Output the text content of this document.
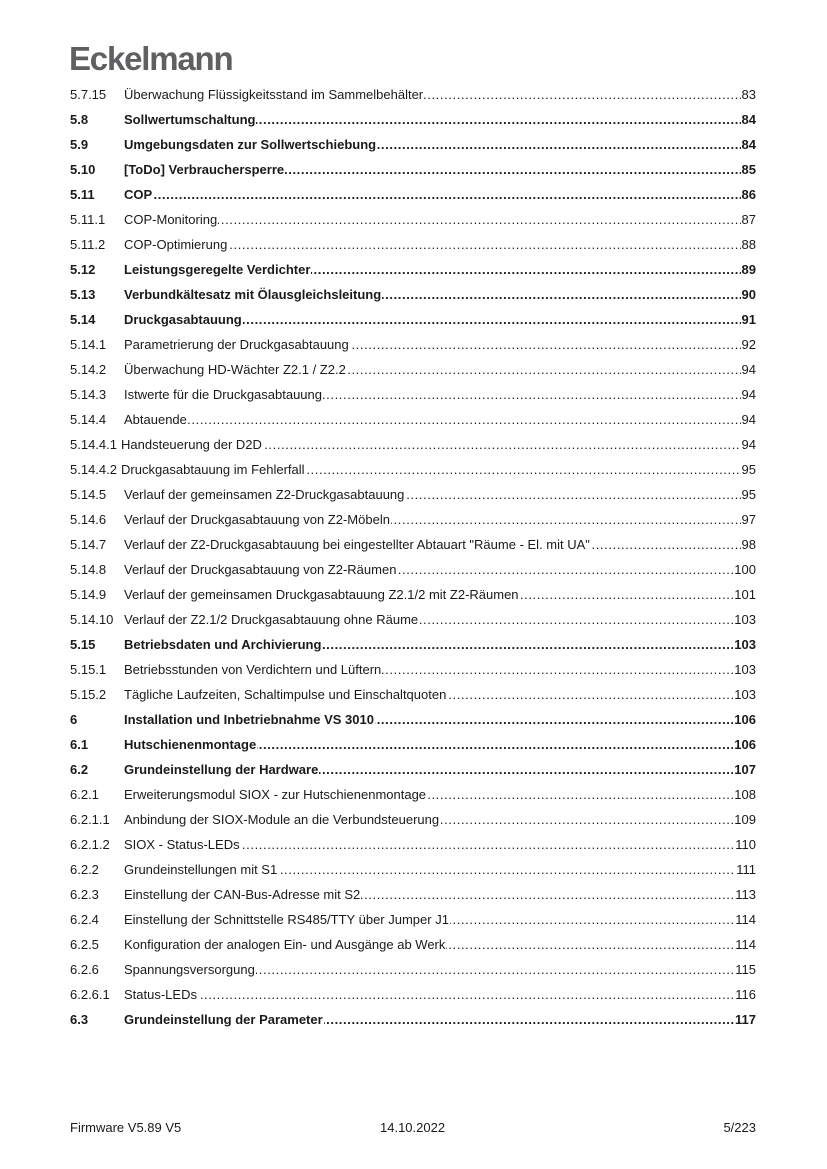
Eckelmann
5.7.15	Überwachung Flüssigkeitsstand im Sammelbehälter .....	83
5.8	Sollwertumschaltung .....	84
5.9	Umgebungsdaten zur Sollwertschiebung .....	84
5.10	[ToDo] Verbrauchersperre .....	85
5.11	COP .....	86
5.11.1	COP-Monitoring .....	87
5.11.2	COP-Optimierung .....	88
5.12	Leistungsgeregelte Verdichter .....	89
5.13	Verbundkältesatz mit Ölausgleichsleitung .....	90
5.14	Druckgasabtauung .....	91
5.14.1	Parametrierung der Druckgasabtauung .....	92
5.14.2	Überwachung HD-Wächter Z2.1 / Z2.2 .....	94
5.14.3	Istwerte für die Druckgasabtauung .....	94
5.14.4	Abtauende .....	94
5.14.4.1 Handsteuerung der D2D .....	94
5.14.4.2 Druckgasabtauung im Fehlerfall .....	95
5.14.5	Verlauf der gemeinsamen Z2-Druckgasabtauung .....	95
5.14.6	Verlauf der Druckgasabtauung von Z2-Möbeln .....	97
5.14.7	Verlauf der Z2-Druckgasabtauung bei eingestellter Abtauart "Räume - El. mit UA" .....	98
5.14.8	Verlauf der Druckgasabtauung von Z2-Räumen .....	100
5.14.9	Verlauf der gemeinsamen Druckgasabtauung Z2.1/2 mit Z2-Räumen .....	101
5.14.10 Verlauf der Z2.1/2 Druckgasabtauung ohne Räume .....	103
5.15	Betriebsdaten und Archivierung .....	103
5.15.1	Betriebsstunden von Verdichtern und Lüftern .....	103
5.15.2	Tägliche Laufzeiten, Schaltimpulse und Einschaltquoten .....	103
6	Installation und Inbetriebnahme VS 3010 .....	106
6.1	Hutschienenmontage .....	106
6.2	Grundeinstellung der Hardware .....	107
6.2.1	Erweiterungsmodul SIOX - zur Hutschienenmontage .....	108
6.2.1.1	Anbindung der SIOX-Module an die Verbundsteuerung .....	109
6.2.1.2	SIOX - Status-LEDs .....	110
6.2.2	Grundeinstellungen mit S1 .....	111
6.2.3	Einstellung der CAN-Bus-Adresse mit S2 .....	113
6.2.4	Einstellung der Schnittstelle RS485/TTY über Jumper J1 .....	114
6.2.5	Konfiguration der analogen Ein- und Ausgänge ab Werk .....	114
6.2.6	Spannungsversorgung .....	115
6.2.6.1	Status-LEDs .....	116
6.3	Grundeinstellung der Parameter .....	117
Firmware V5.89 V5	14.10.2022	5/223
